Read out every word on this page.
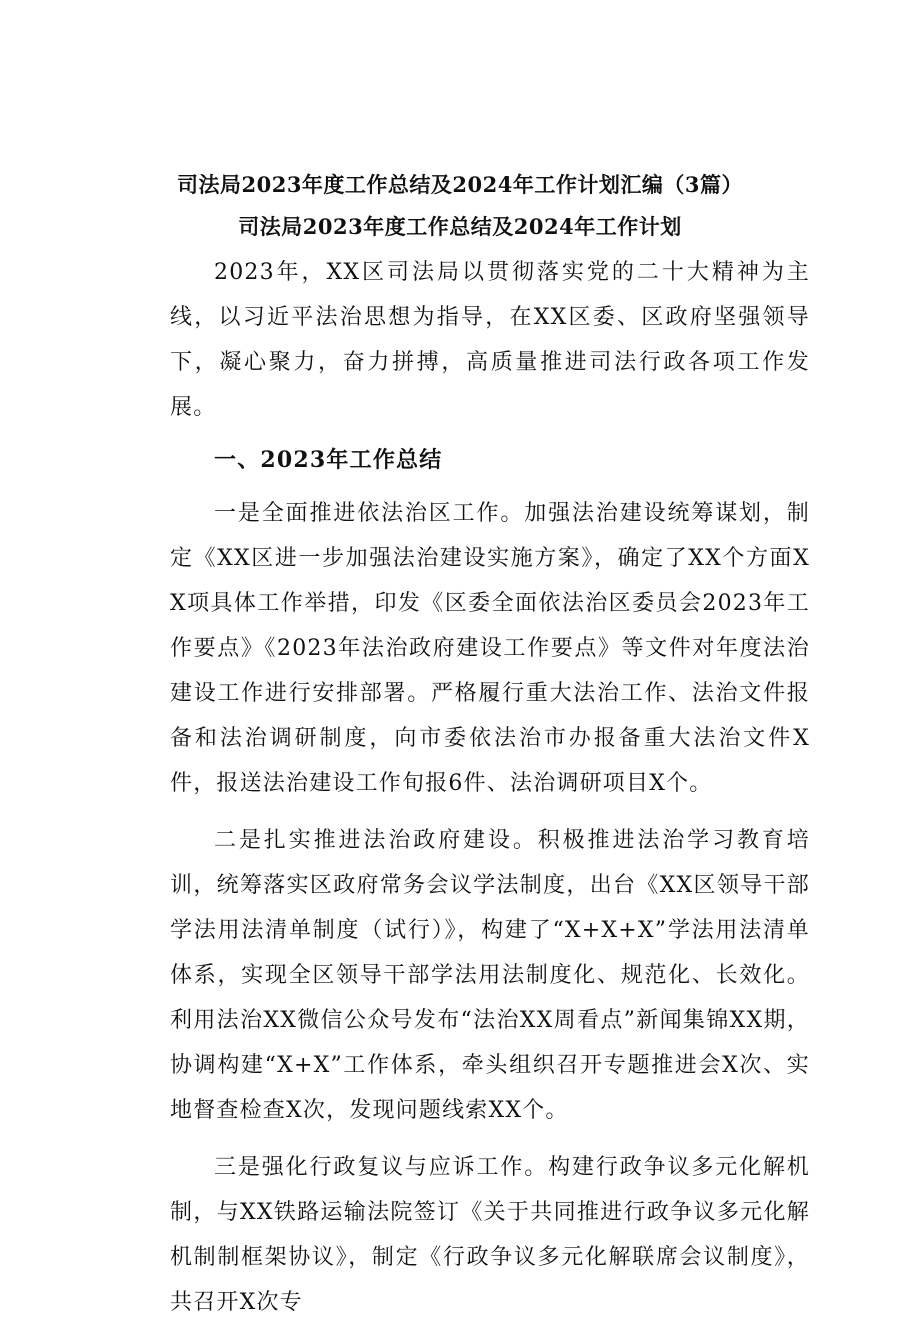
司法局2023年度工作总结及2024年工作计划汇编（3篇）
司法局2023年度工作总结及2024年工作计划

2023年，XX区司法局以贯彻落实党的二十大精神为主线，以习近平法治思想为指导，在XX区委、区政府坚强领导下，凝心聚力，奋力拼搏，高质量推进司法行政各项工作发展。

一、2023年工作总结

一是全面推进依法治区工作。加强法治建设统筹谋划，制定《XX区进一步加强法治建设实施方案》，确定了XX个方面XX项具体工作举措，印发《区委全面依法治区委员会2023年工作要点》《2023年法治政府建设工作要点》等文件对年度法治建设工作进行安排部署。严格履行重大法治工作、法治文件报备和法治调研制度，向市委依法治市办报备重大法治文件X件，报送法治建设工作旬报6件、法治调研项目X个。

二是扎实推进法治政府建设。积极推进法治学习教育培训，统筹落实区政府常务会议学法制度，出台《XX区领导干部学法用法清单制度（试行）》，构建了“X+X+X”学法用法清单体系，实现全区领导干部学法用法制度化、规范化、长效化。利用法治XX微信公众号发布“法治XX周看点”新闻集锦XX期，协调构建“X+X”工作体系，牵头组织召开专题推进会X次、实地督查检查X次，发现问题线索XX个。

三是强化行政复议与应诉工作。构建行政争议多元化解机制，与XX铁路运输法院签订《关于共同推进行政争议多元化解机制制框架协议》，制定《行政争议多元化解联席会议制度》，共召开X次专
